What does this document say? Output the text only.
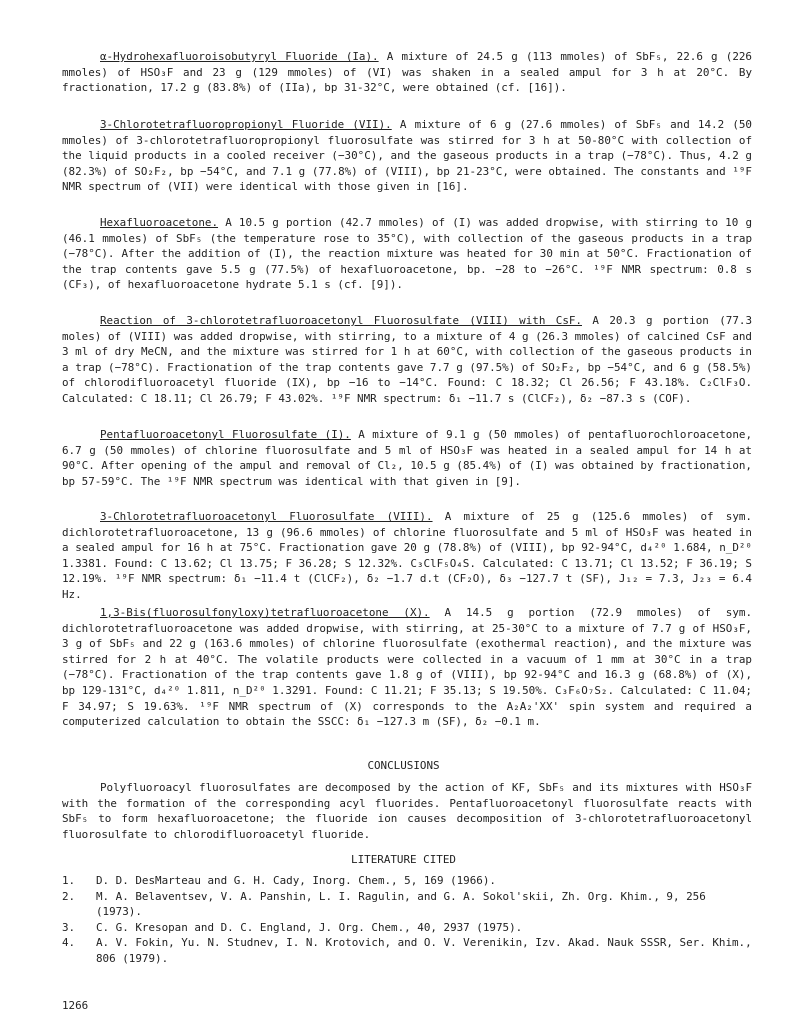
α-Hydrohexafluoroisobutyryl Fluoride (Ia). A mixture of 24.5 g (113 mmoles) of SbF₅, 22.6 g (226 mmoles) of HSO₃F and 23 g (129 mmoles) of (VI) was shaken in a sealed ampul for 3 h at 20°C. By fractionation, 17.2 g (83.8%) of (IIa), bp 31-32°C, were obtained (cf. [16]).

3-Chlorotetrafluoropropionyl Fluoride (VII). A mixture of 6 g (27.6 mmoles) of SbF₅ and 14.2 (50 mmoles) of 3-chlorotetrafluoropropionyl fluorosulfate was stirred for 3 h at 50-80°C with collection of the liquid products in a cooled receiver (−30°C), and the gaseous products in a trap (−78°C). Thus, 4.2 g (82.3%) of SO₂F₂, bp −54°C, and 7.1 g (77.8%) of (VIII), bp 21-23°C, were obtained. The constants and ¹⁹F NMR spectrum of (VII) were identical with those given in [16].

Hexafluoroacetone. A 10.5 g portion (42.7 mmoles) of (I) was added dropwise, with stirring to 10 g (46.1 mmoles) of SbF₅ (the temperature rose to 35°C), with collection of the gaseous products in a trap (−78°C). After the addition of (I), the reaction mixture was heated for 30 min at 50°C. Fractionation of the trap contents gave 5.5 g (77.5%) of hexafluoroacetone, bp. −28 to −26°C. ¹⁹F NMR spectrum: 0.8 s (CF₃), of hexafluoroacetone hydrate 5.1 s (cf. [9]).

Reaction of 3-chlorotetrafluoroacetonyl Fluorosulfate (VIII) with CsF. A 20.3 g portion (77.3 moles) of (VIII) was added dropwise, with stirring, to a mixture of 4 g (26.3 mmoles) of calcined CsF and 3 ml of dry MeCN, and the mixture was stirred for 1 h at 60°C, with collection of the gaseous products in a trap (−78°C). Fractionation of the trap contents gave 7.7 g (97.5%) of SO₂F₂, bp −54°C, and 6 g (58.5%) of chlorodifluoroacetyl fluoride (IX), bp −16 to −14°C. Found: C 18.32; Cl 26.56; F 43.18%. C₂ClF₃O. Calculated: C 18.11; Cl 26.79; F 43.02%. ¹⁹F NMR spectrum: δ₁ −11.7 s (ClCF₂), δ₂ −87.3 s (COF).

Pentafluoroacetonyl Fluorosulfate (I). A mixture of 9.1 g (50 mmoles) of pentafluorochloroacetone, 6.7 g (50 mmoles) of chlorine fluorosulfate and 5 ml of HSO₃F was heated in a sealed ampul for 14 h at 90°C. After opening of the ampul and removal of Cl₂, 10.5 g (85.4%) of (I) was obtained by fractionation, bp 57-59°C. The ¹⁹F NMR spectrum was identical with that given in [9].

3-Chlorotetrafluoroacetonyl Fluorosulfate (VIII). A mixture of 25 g (125.6 mmoles) of sym. dichlorotetrafluoroacetone, 13 g (96.6 mmoles) of chlorine fluorosulfate and 5 ml of HSO₃F was heated in a sealed ampul for 16 h at 75°C. Fractionation gave 20 g (78.8%) of (VIII), bp 92-94°C, d₄²⁰ 1.684, n_D²⁰ 1.3381. Found: C 13.62; Cl 13.75; F 36.28; S 12.32%. C₃ClF₅O₄S. Calculated: C 13.71; Cl 13.52; F 36.19; S 12.19%. ¹⁹F NMR spectrum: δ₁ −11.4 t (ClCF₂), δ₂ −1.7 d.t (CF₂O), δ₃ −127.7 t (SF), J₁₂ = 7.3, J₂₃ = 6.4 Hz.

1,3-Bis(fluorosulfonyloxy)tetrafluoroacetone (X). A 14.5 g portion (72.9 mmoles) of sym. dichlorotetrafluoroacetone was added dropwise, with stirring, at 25-30°C to a mixture of 7.7 g of HSO₃F, 3 g of SbF₅ and 22 g (163.6 mmoles) of chlorine fluorosulfate (exothermal reaction), and the mixture was stirred for 2 h at 40°C. The volatile products were collected in a vacuum of 1 mm at 30°C in a trap (−78°C). Fractionation of the trap contents gave 1.8 g of (VIII), bp 92-94°C and 16.3 g (68.8%) of (X), bp 129-131°C, d₄²⁰ 1.811, n_D²⁰ 1.3291. Found: C 11.21; F 35.13; S 19.50%. C₃F₆O₇S₂. Calculated: C 11.04; F 34.97; S 19.63%. ¹⁹F NMR spectrum of (X) corresponds to the A₂A₂'XX' spin system and required a computerized calculation to obtain the SSCC: δ₁ −127.3 m (SF), δ₂ −0.1 m.

CONCLUSIONS

Polyfluoroacyl fluorosulfates are decomposed by the action of KF, SbF₅ and its mixtures with HSO₃F with the formation of the corresponding acyl fluorides. Pentafluoroacetonyl fluorosulfate reacts with SbF₅ to form hexafluoroacetone; the fluoride ion causes decomposition of 3-chlorotetrafluoroacetonyl fluorosulfate to chlorodifluoroacetyl fluoride.

LITERATURE CITED
1. D. D. DesMarteau and G. H. Cady, Inorg. Chem., 5, 169 (1966).
2. M. A. Belaventsev, V. A. Panshin, L. I. Ragulin, and G. A. Sokol'skii, Zh. Org. Khim., 9, 256 (1973).
3. C. G. Kresopan and D. C. England, J. Org. Chem., 40, 2937 (1975).
4. A. V. Fokin, Yu. N. Studnev, I. N. Krotovich, and O. V. Verenikin, Izv. Akad. Nauk SSSR, Ser. Khim., 806 (1979).
1266
